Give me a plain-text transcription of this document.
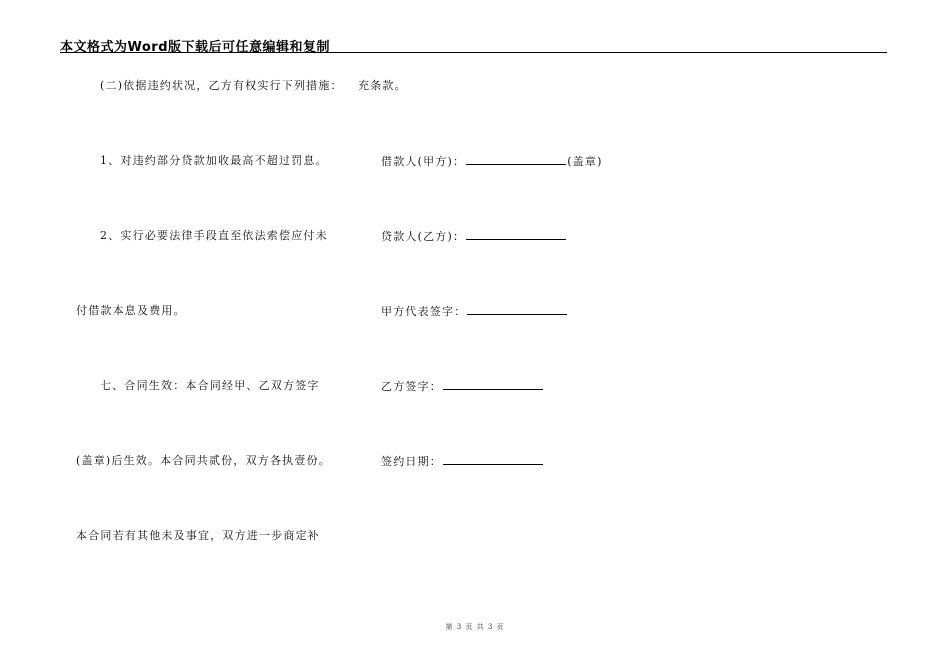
本文格式为Word版下载后可任意编辑和复制
(二)依据违约状况，乙方有权实行下列措施：
1、对违约部分贷款加收最高不超过罚息。
2、实行必要法律手段直至依法索偿应付未
付借款本息及费用。
七、合同生效：本合同经甲、乙双方签字
(盖章)后生效。本合同共贰份，双方各执壹份。
本合同若有其他未及事宜，双方进一步商定补
充条款。
借款人(甲方)：	(盖章)
贷款人(乙方)：
甲方代表签字：
乙方签字：
签约日期：
第 3 页 共 3 页
